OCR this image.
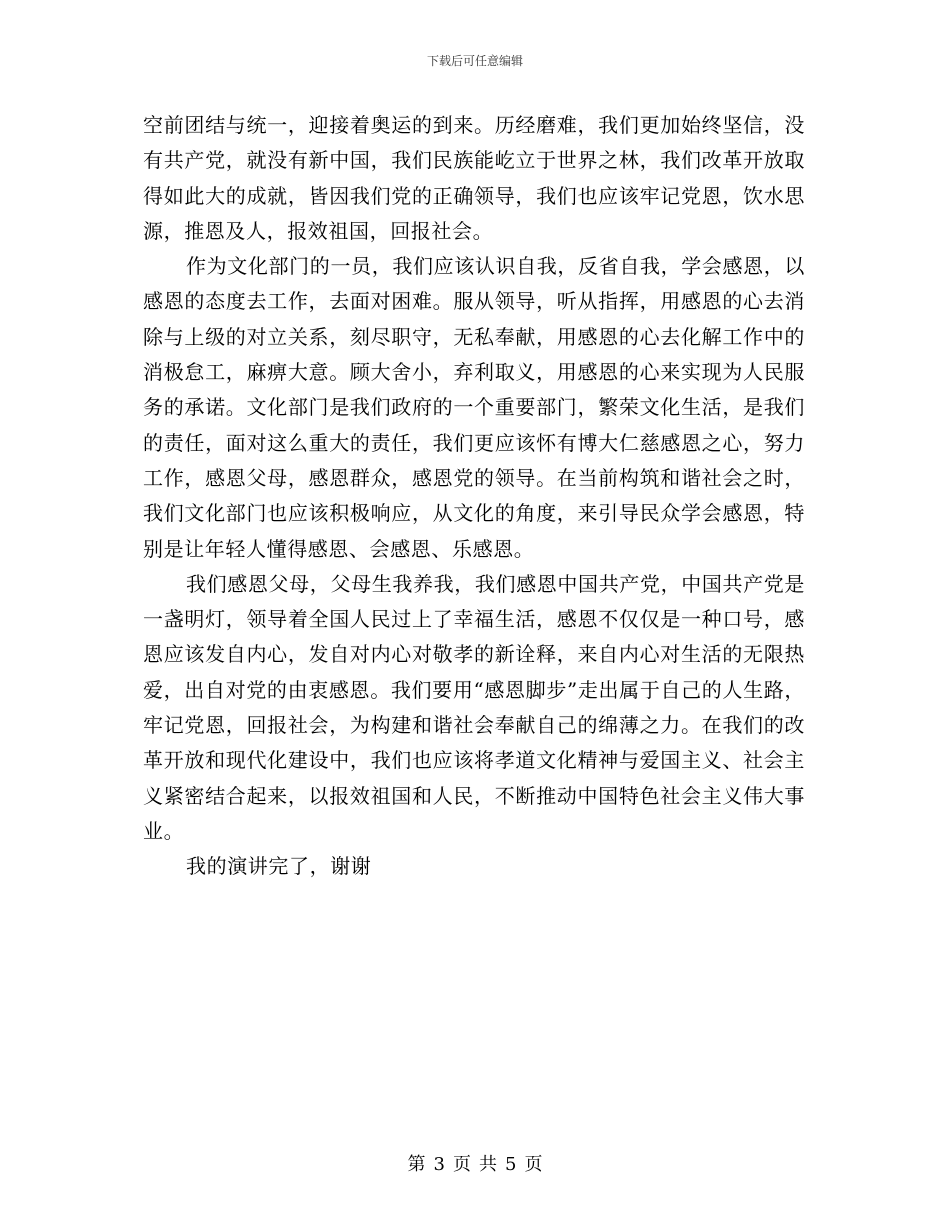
下载后可任意编辑

空前团结与统一，迎接着奥运的到来。历经磨难，我们更加始终坚信，没有共产党，就没有新中国，我们民族能屹立于世界之林，我们改革开放取得如此大的成就，皆因我们党的正确领导，我们也应该牢记党恩，饮水思源，推恩及人，报效祖国，回报社会。

作为文化部门的一员，我们应该认识自我，反省自我，学会感恩，以感恩的态度去工作，去面对困难。服从领导，听从指挥，用感恩的心去消除与上级的对立关系，刻尽职守，无私奉献，用感恩的心去化解工作中的消极怠工，麻痹大意。顾大舍小，弃利取义，用感恩的心来实现为人民服务的承诺。文化部门是我们政府的一个重要部门，繁荣文化生活，是我们的责任，面对这么重大的责任，我们更应该怀有博大仁慈感恩之心，努力工作，感恩父母，感恩群众，感恩党的领导。在当前构筑和谐社会之时，我们文化部门也应该积极响应，从文化的角度，来引导民众学会感恩，特别是让年轻人懂得感恩、会感恩、乐感恩。

我们感恩父母，父母生我养我，我们感恩中国共产党，中国共产党是一盏明灯，领导着全国人民过上了幸福生活，感恩不仅仅是一种口号，感恩应该发自内心，发自对内心对敬孝的新诠释，来自内心对生活的无限热爱，出自对党的由衷感恩。我们要用“感恩脚步”走出属于自己的人生路，牢记党恩，回报社会，为构建和谐社会奉献自己的绵薄之力。在我们的改革开放和现代化建设中，我们也应该将孝道文化精神与爱国主义、社会主义紧密结合起来，以报效祖国和人民，不断推动中国特色社会主义伟大事业。

我的演讲完了，谢谢

第 3 页 共 5 页
